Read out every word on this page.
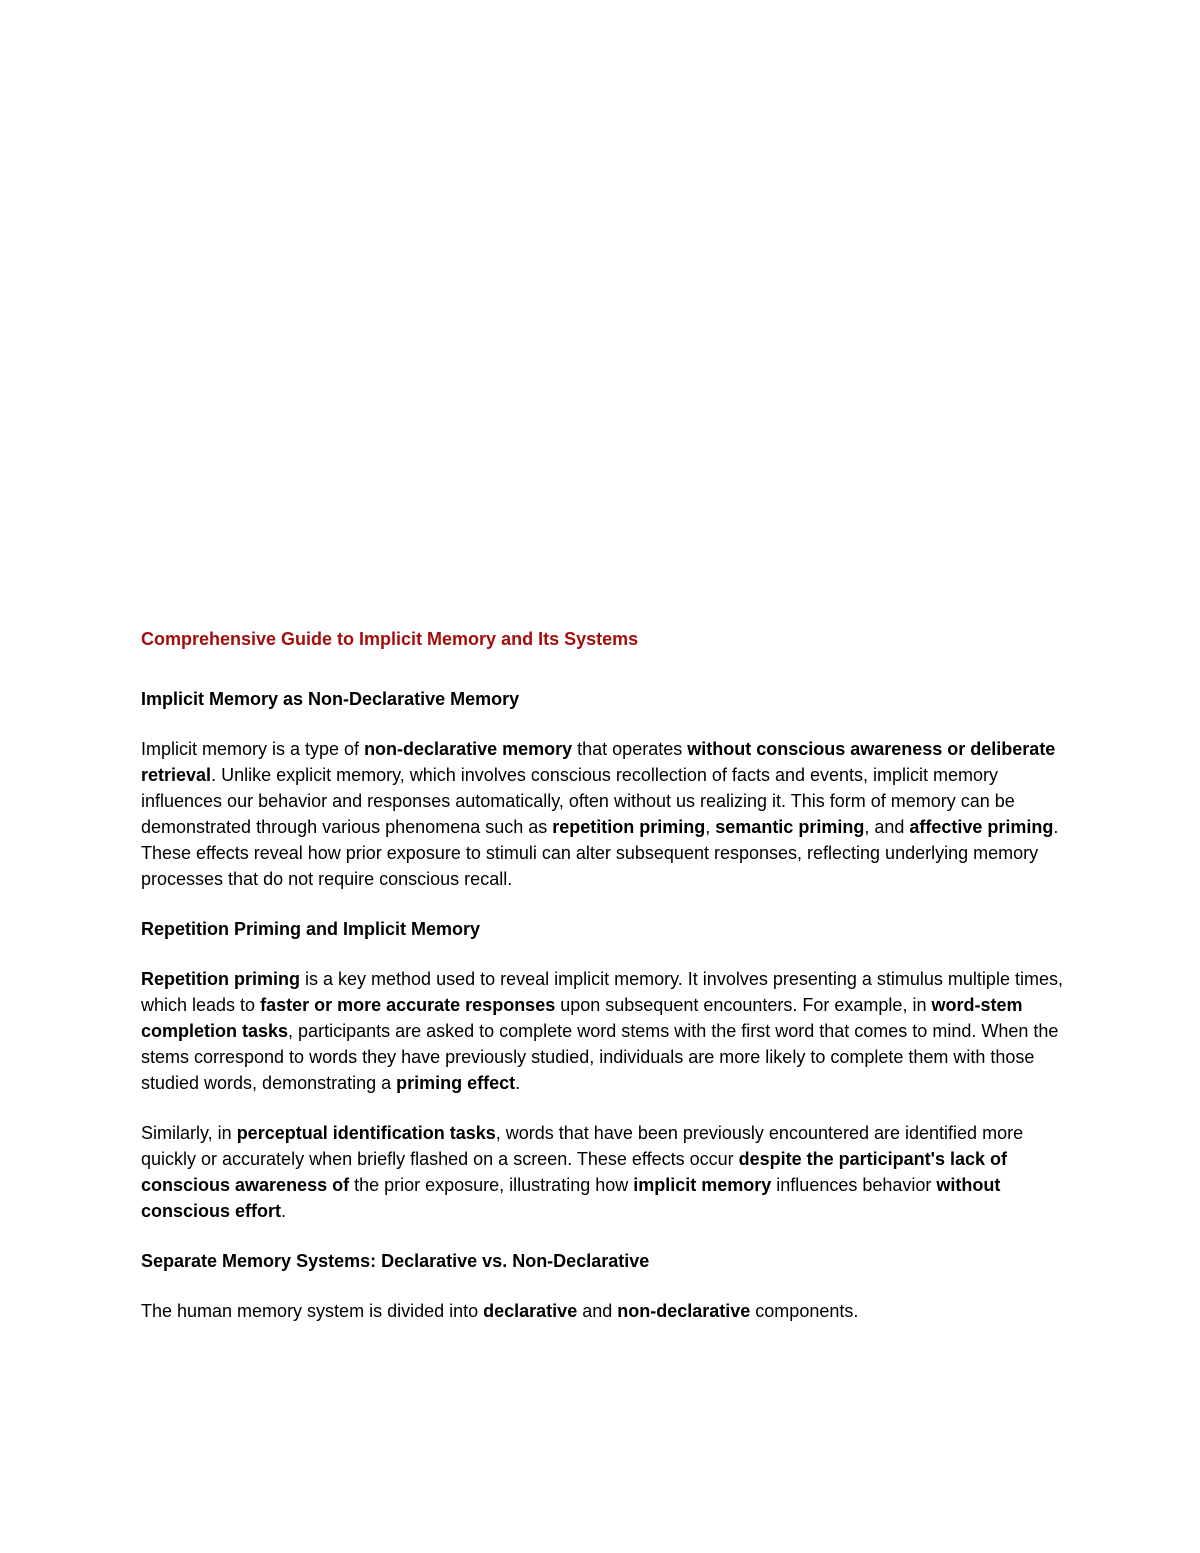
Comprehensive Guide to Implicit Memory and Its Systems
Implicit Memory as Non-Declarative Memory
Implicit memory is a type of non-declarative memory that operates without conscious awareness or deliberate retrieval. Unlike explicit memory, which involves conscious recollection of facts and events, implicit memory influences our behavior and responses automatically, often without us realizing it. This form of memory can be demonstrated through various phenomena such as repetition priming, semantic priming, and affective priming. These effects reveal how prior exposure to stimuli can alter subsequent responses, reflecting underlying memory processes that do not require conscious recall.
Repetition Priming and Implicit Memory
Repetition priming is a key method used to reveal implicit memory. It involves presenting a stimulus multiple times, which leads to faster or more accurate responses upon subsequent encounters. For example, in word-stem completion tasks, participants are asked to complete word stems with the first word that comes to mind. When the stems correspond to words they have previously studied, individuals are more likely to complete them with those studied words, demonstrating a priming effect.
Similarly, in perceptual identification tasks, words that have been previously encountered are identified more quickly or accurately when briefly flashed on a screen. These effects occur despite the participant's lack of conscious awareness of the prior exposure, illustrating how implicit memory influences behavior without conscious effort.
Separate Memory Systems: Declarative vs. Non-Declarative
The human memory system is divided into declarative and non-declarative components.
